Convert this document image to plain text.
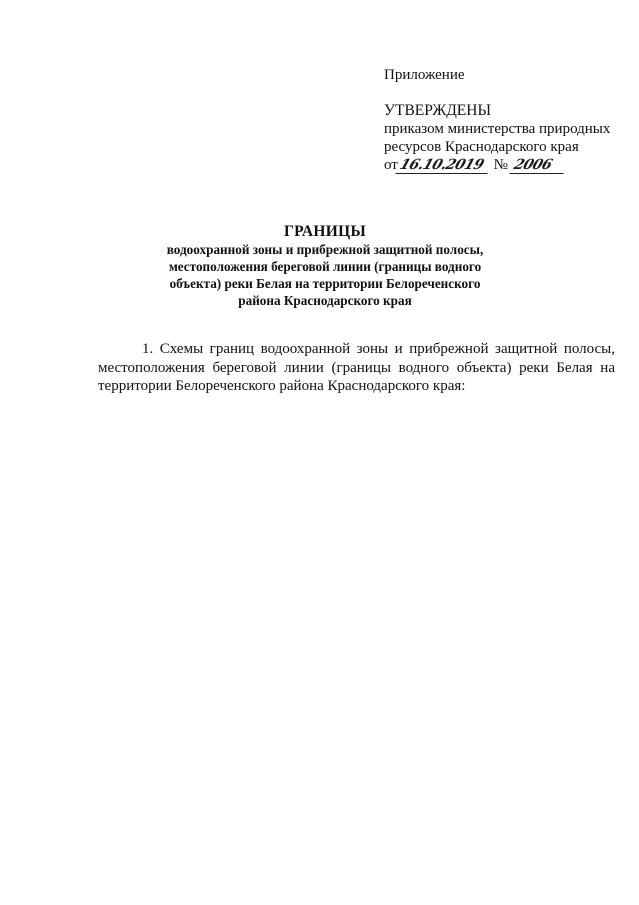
Приложение
УТВЕРЖДЕНЫ
приказом министерства природных
ресурсов Краснодарского края
от16.10.2019 № 2006
ГРАНИЦЫ
водоохранной зоны и прибрежной защитной полосы,
местоположения береговой линии (границы водного
объекта) реки Белая на территории Белореченского
района Краснодарского края

1. Схемы границ водоохранной зоны и прибрежной защитной полосы, местоположения береговой линии (границы водного объекта) реки Белая на территории Белореченского района Краснодарского края:
